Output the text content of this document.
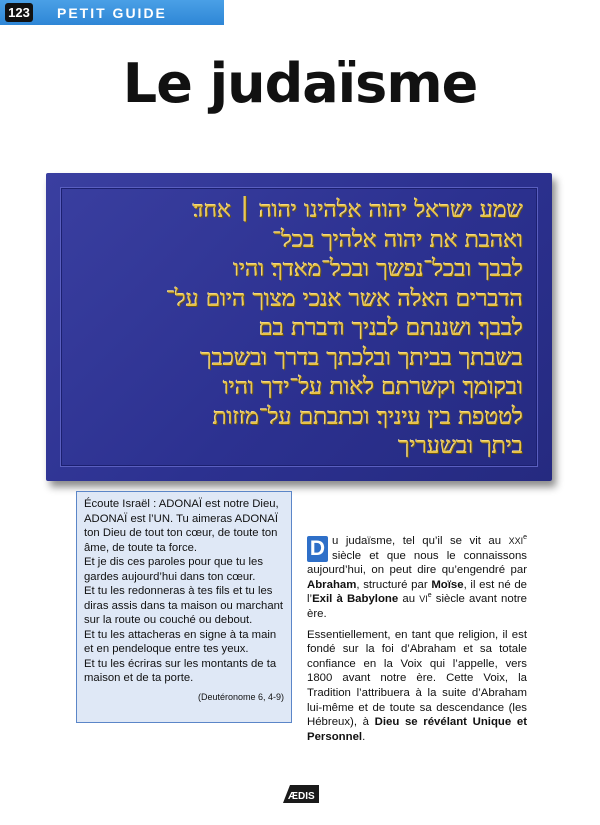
123 PETIT GUIDE
Le judaïsme
שמע ישראל יהוה אלהינו יהוה ׀ אחד׃
ואהבת את יהוה אלהיך בכל־
לבבך ובכל־נפשך ובכל־מאדך׃ והיו
הדברים האלה אשר אנכי מצוך היום על־
לבבך׃ ושננתם לבניך ודברת בם
בשבתך בביתך ובלכתך בדרך ובשכבך
ובקומך׃ וקשרתם לאות על־ידך והיו
לטטפת בין עיניך׃ וכתבתם על־מזזות
ביתך ובשעריך

Écoute Israël : ADONAÏ est notre Dieu, ADONAÏ est l’UN. Tu aimeras ADONAÏ ton Dieu de tout ton cœur, de toute ton âme, de toute ta force.

Et je dis ces paroles pour que tu les gardes aujourd’hui dans ton cœur.

Et tu les redonneras à tes fils et tu les diras assis dans ta maison ou marchant sur la route ou couché ou debout.

Et tu les attacheras en signe à ta main et en pendeloque entre tes yeux.

Et tu les écriras sur les montants de ta maison et de ta porte.

(Deutéronome 6, 4-9)

D u judaïsme, tel qu’il se vit au XXIe siècle et que nous le connaissons aujourd’hui, on peut dire qu’engendré par Abraham, structuré par Moïse, il est né de l’Exil à Babylone au VIe siècle avant notre ère.

Essentiellement, en tant que religion, il est fondé sur la foi d’Abraham et sa totale confiance en la Voix qui l’appelle, vers 1800 avant notre ère. Cette Voix, la Tradition l’attribuera à la suite d’Abraham lui-même et de toute sa descendance (les Hébreux), à Dieu se révélant Unique et Personnel.

ÆDIS
